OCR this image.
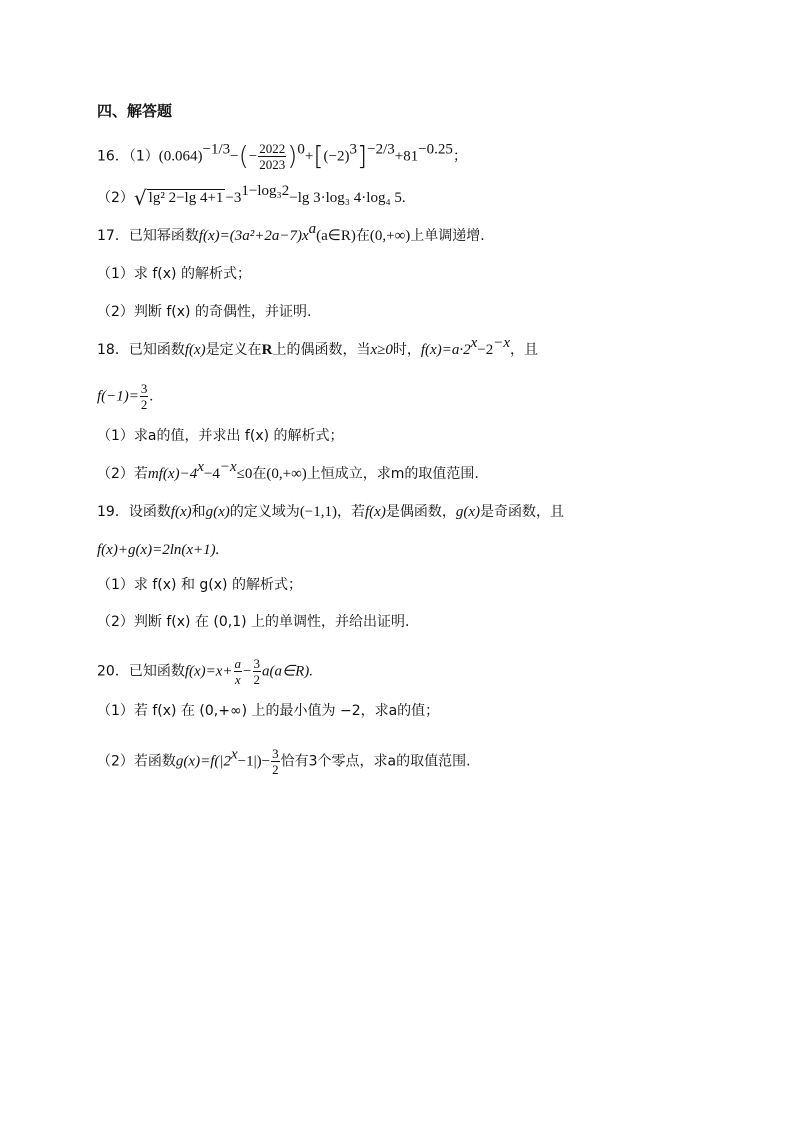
四、解答题
16．$(1)(0.064)^{-1/3}-(- \frac{2022}{2023} )^0+[(-2)^3]^{-2/3}+81^{-0.25}$；
（2）√ lg² 2−lg $4+1 -3^{1-log_32}-\lg$ 3·log₃ 4·log₄ 5.
17．已知幂函数$f(x)=(3a^2+2a-7)x^a(a\in R)$在(0,+∞)上单调递增.
（1）求 f(x) 的解析式；
（2）判断 f(x) 的奇偶性，并证明.
18．已知函数f(x)是定义在R上的偶函数，当x≥0时，$f(x)=a\cdot 2^x-2^{-x}$，且
$f(-1)= \frac{3}{2}$ .
（1）求a的值，并求出 f(x) 的解析式；
（2）若$mf(x)-4^x-4^{-x}\le 0$在(0,+∞)上恒成立，求m的取值范围.
19．设函数f(x)和g(x)的定义域为(−1,1)，若f(x)是偶函数，g(x)是奇函数，且
f(x)+g(x)=2ln(x+1).
（1）求 f(x) 和 g(x) 的解析式；
（2）判断 f(x) 在 (0,1) 上的单调性，并给出证明.
20．已知函数$f(x)=x+ \frac{a}{x} - \frac{3}{2}$ a(a∈R).
（1）若 f(x) 在 (0,+∞) 上的最小值为 −2，求a的值；
（2）若函数$g(x)=f(|2^x-1|)- \frac{3}{2}$ 恰有3个零点，求a的取值范围.
